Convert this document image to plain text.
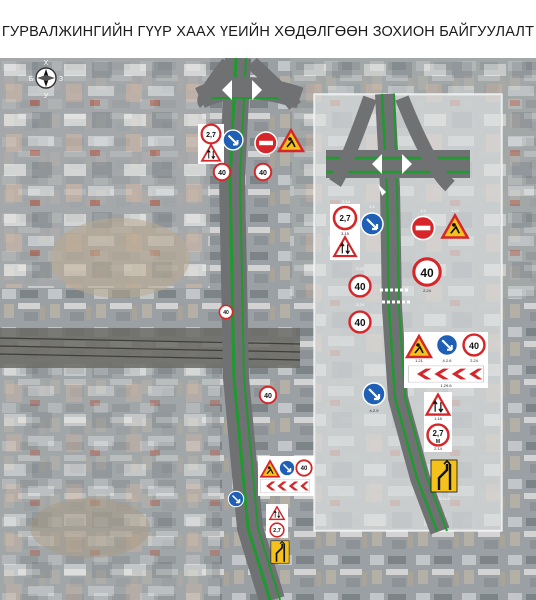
ГУРВАЛЖИНГИЙН ГҮҮР ХААХ ҮЕИЙН ХӨДӨЛГӨӨН ЗОХИОН БАЙГУУЛАЛТ
Х
У
З
Б
2,7
40	40
40
40
40
2,7
2,7
3.15
2.14
4.2
1.2	1.23
40
2.24
40
3.23
40
3.24
1.21	4.2.6
40
2.24
1.29.6
4.2.9
1.18
2,7
M
2.14
5.41.8
